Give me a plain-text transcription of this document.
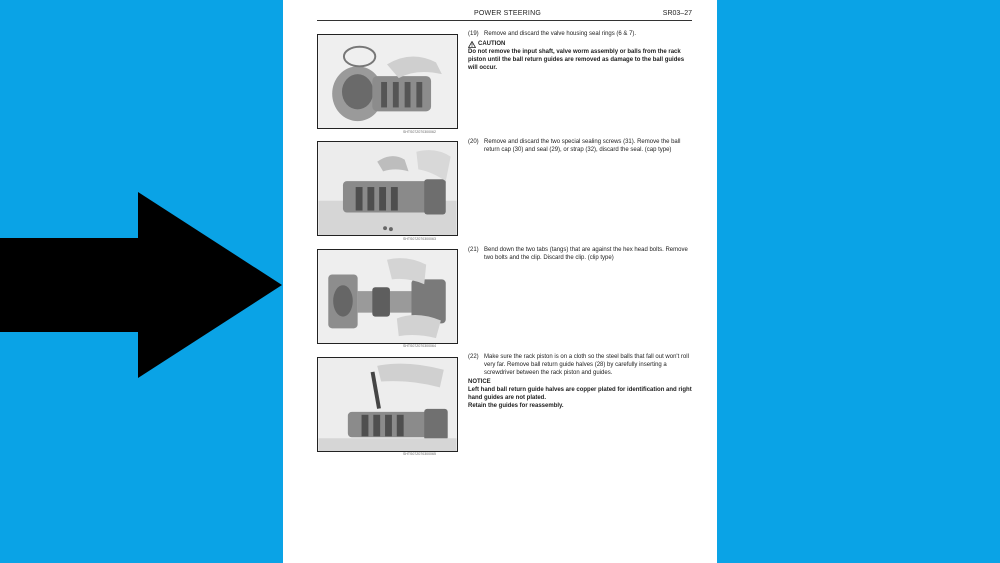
POWER STEERING	SR03–27
SHTS07Z070300062
(19) Remove and discard the valve housing seal rings (6 & 7).
CAUTION
Do not remove the input shaft, valve worm assembly or balls from the rack piston until the ball return guides are removed as damage to the ball guides will occur.
SHTS07Z070300063
(20) Remove and discard the two special sealing screws (31). Remove the ball return cap (30) and seal (29), or strap (32), discard the seal. (cap type)
SHTS07Z070300064
(21) Bend down the two tabs (tangs) that are against the hex head bolts. Remove two bolts and the clip. Discard the clip. (clip type)
SHTS07Z070300065
(22) Make sure the rack piston is on a cloth so the steel balls that fall out won't roll very far. Remove ball return guide halves (28) by carefully inserting a screwdriver between the rack piston and guides.
NOTICE
Left hand ball return guide halves are copper plated for identification and right hand guides are not plated.
Retain the guides for reassembly.
